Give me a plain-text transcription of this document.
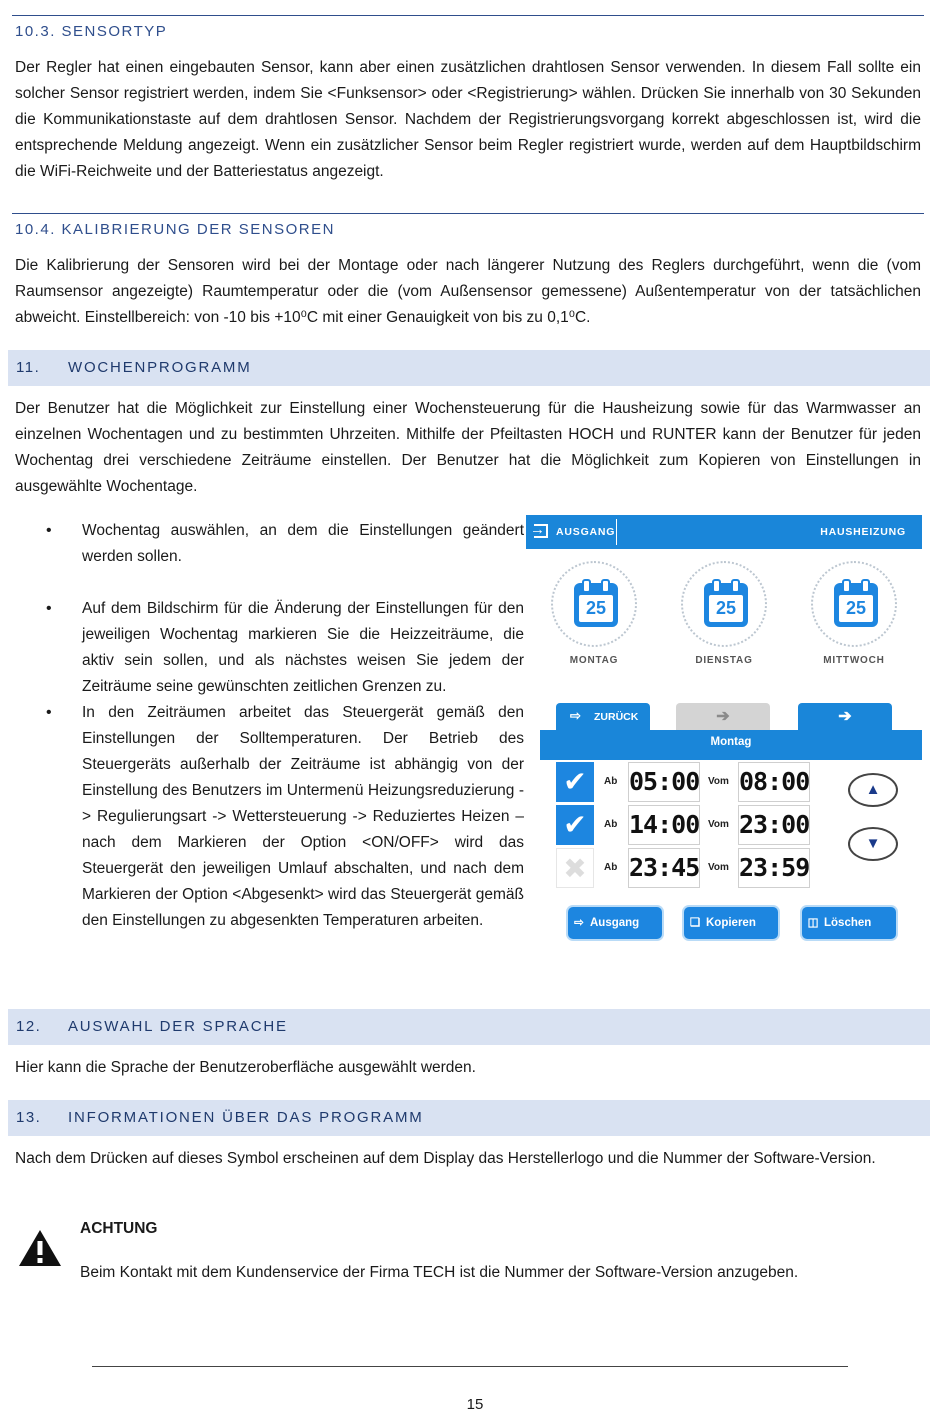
10.3. SENSORTYP

Der Regler hat einen eingebauten Sensor, kann aber einen zusätzlichen drahtlosen Sensor verwenden. In diesem Fall sollte ein solcher Sensor registriert werden, indem Sie <Funksensor> oder <Registrierung> wählen. Drücken Sie innerhalb von 30 Sekunden die Kommunikationstaste auf dem drahtlosen Sensor. Nachdem der Registrierungsvorgang korrekt abgeschlossen ist, wird die entsprechende Meldung angezeigt. Wenn ein zusätzlicher Sensor beim Regler registriert wurde, werden auf dem Hauptbildschirm die WiFi-Reichweite und der Batteriestatus angezeigt.

10.4. KALIBRIERUNG DER SENSOREN

Die Kalibrierung der Sensoren wird bei der Montage oder nach längerer Nutzung des Reglers durchgeführt, wenn die (vom Raumsensor angezeigte) Raumtemperatur oder die (vom Außensensor gemessene) Außentemperatur von der tatsächlichen abweicht. Einstellbereich: von -10 bis +10⁰C mit einer Genauigkeit von bis zu 0,1⁰C.

11. WOCHENPROGRAMM

Der Benutzer hat die Möglichkeit zur Einstellung einer Wochensteuerung für die Hausheizung sowie für das Warmwasser an einzelnen Wochentagen und zu bestimmten Uhrzeiten. Mithilfe der Pfeiltasten HOCH und RUNTER kann der Benutzer für jeden Wochentag drei verschiedene Zeiträume einstellen. Der Benutzer hat die Möglichkeit zum Kopieren von Einstellungen in ausgewählte Wochentage.

• Wochentag auswählen, an dem die Einstellungen geändert werden sollen.
• Auf dem Bildschirm für die Änderung der Einstellungen für den jeweiligen Wochentag markieren Sie die Heizzeiträume, die aktiv sein sollen, und als nächstes weisen Sie jedem der Zeiträume seine gewünschten zeitlichen Grenzen zu.
• In den Zeiträumen arbeitet das Steuergerät gemäß den Einstellungen der Solltemperaturen. Der Betrieb des Steuergeräts außerhalb der Zeiträume ist abhängig von der Einstellung des Benutzers im Untermenü Heizungsreduzierung -> Regulierungsart -> Wettersteuerung -> Reduziertes Heizen – nach dem Markieren der Option <ON/OFF> wird das Steuergerät den jeweiligen Umlauf abschalten, und nach dem Markieren der Option <Abgesenkt> wird das Steuergerät gemäß den Einstellungen zu abgesenkten Temperaturen arbeiten.
→ AUSGANG	HAUSHEIZUNG
25
MONTAG
25
DIENSTAG
25
MITTWOCH
⇨ ZURÜCK	➔	➔
Montag
✔	Ab 05:00 Vom 08:00
✔	Ab 14:00 Vom 23:00
✖	Ab 23:45 Vom 23:59
▲
▼
⇨ Ausgang	❏ Kopieren	◫ Löschen
12. AUSWAHL DER SPRACHE

Hier kann die Sprache der Benutzeroberfläche ausgewählt werden.

13. INFORMATIONEN ÜBER DAS PROGRAMM

Nach dem Drücken auf dieses Symbol erscheinen auf dem Display das Herstellerlogo und die Nummer der Software-Version.

ACHTUNG
Beim Kontakt mit dem Kundenservice der Firma TECH ist die Nummer der Software-Version anzugeben.
15
